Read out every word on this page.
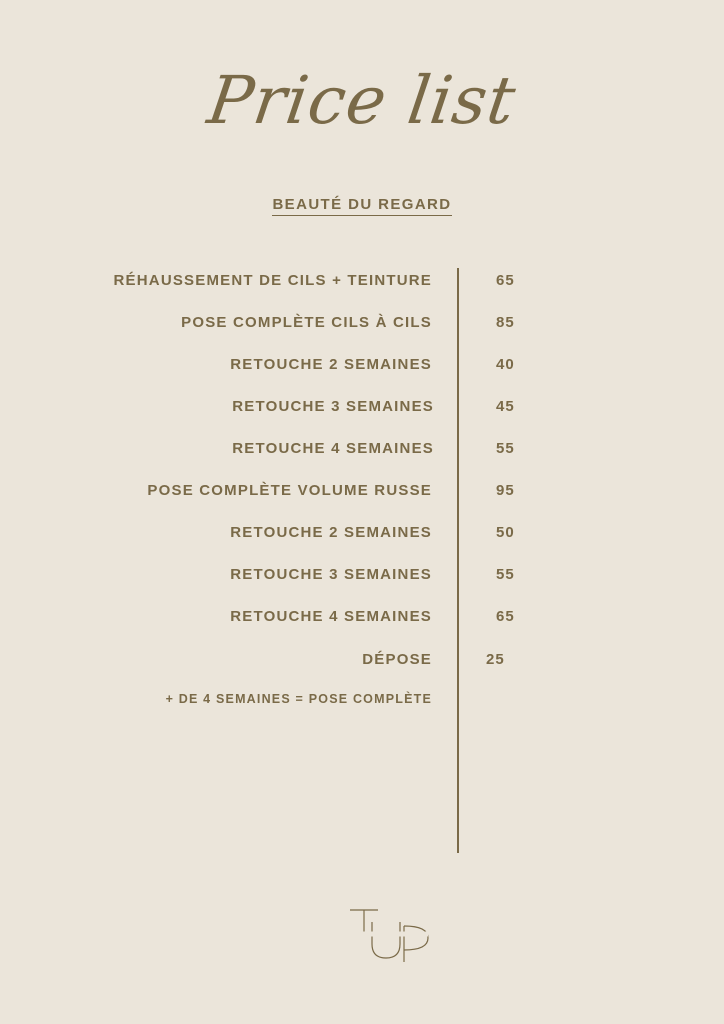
Price list
BEAUTÉ DU REGARD
RÉHAUSSEMENT DE CILS + TEINTURE	65
POSE COMPLÈTE CILS À CILS	85
RETOUCHE 2 SEMAINES	40
RETOUCHE 3 SEMAINES	45
RETOUCHE 4 SEMAINES	55
POSE COMPLÈTE VOLUME RUSSE	95
RETOUCHE 2 SEMAINES	50
RETOUCHE 3 SEMAINES	55
RETOUCHE 4 SEMAINES	65
DÉPOSE	25
+ DE 4 SEMAINES = POSE COMPLÈTE
